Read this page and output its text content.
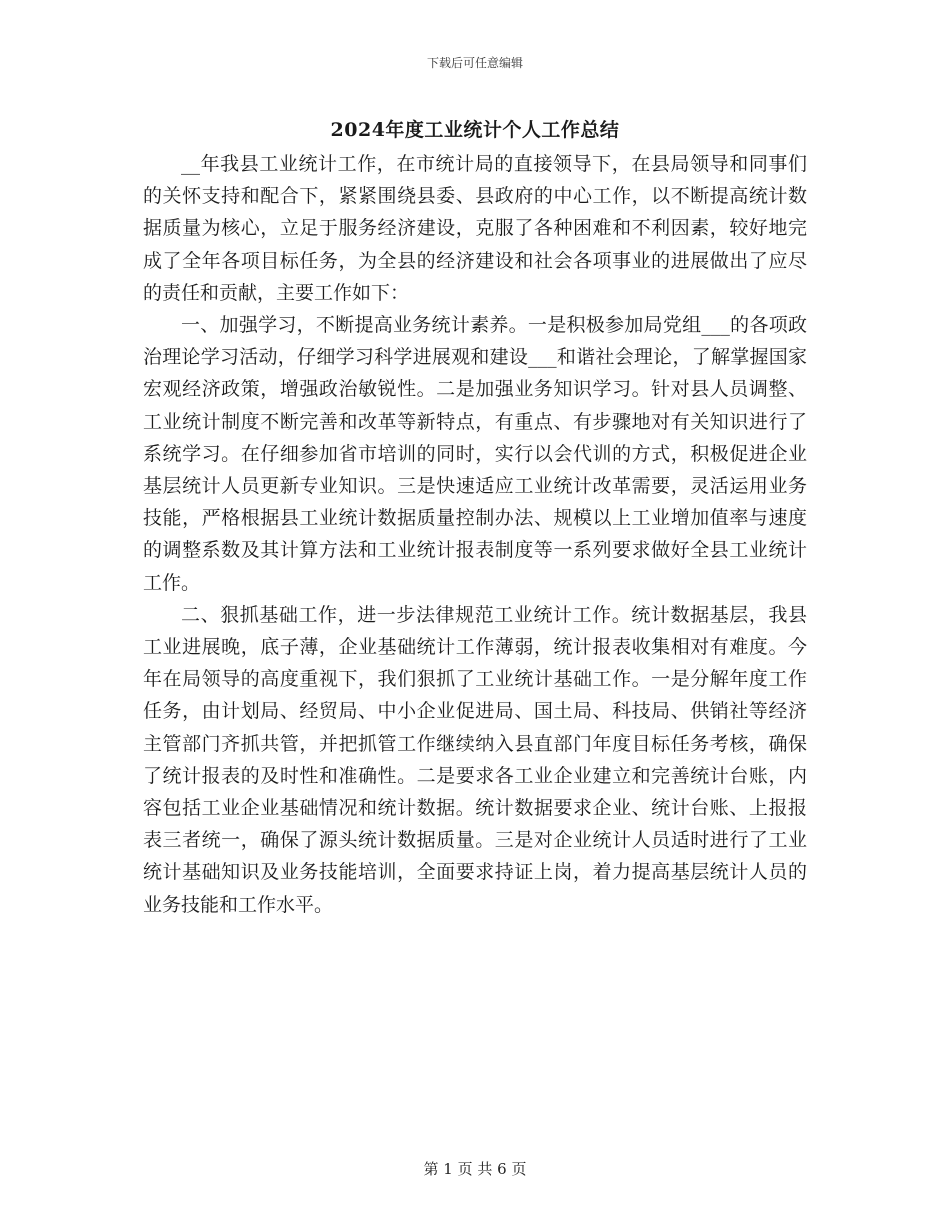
下载后可任意编辑
2024年度工业统计个人工作总结

__年我县工业统计工作，在市统计局的直接领导下，在县局领导和同事们的关怀支持和配合下，紧紧围绕县委、县政府的中心工作，以不断提高统计数据质量为核心，立足于服务经济建设，克服了各种困难和不利因素，较好地完成了全年各项目标任务，为全县的经济建设和社会各项事业的进展做出了应尽的责任和贡献，主要工作如下：

一、加强学习，不断提高业务统计素养。一是积极参加局党组___的各项政治理论学习活动，仔细学习科学进展观和建设___和谐社会理论，了解掌握国家宏观经济政策，增强政治敏锐性。二是加强业务知识学习。针对县人员调整、工业统计制度不断完善和改革等新特点，有重点、有步骤地对有关知识进行了系统学习。在仔细参加省市培训的同时，实行以会代训的方式，积极促进企业基层统计人员更新专业知识。三是快速适应工业统计改革需要，灵活运用业务技能，严格根据县工业统计数据质量控制办法、规模以上工业增加值率与速度的调整系数及其计算方法和工业统计报表制度等一系列要求做好全县工业统计工作。

二、狠抓基础工作，进一步法律规范工业统计工作。统计数据基层，我县工业进展晚，底子薄，企业基础统计工作薄弱，统计报表收集相对有难度。今年在局领导的高度重视下，我们狠抓了工业统计基础工作。一是分解年度工作任务，由计划局、经贸局、中小企业促进局、国土局、科技局、供销社等经济主管部门齐抓共管，并把抓管工作继续纳入县直部门年度目标任务考核，确保了统计报表的及时性和准确性。二是要求各工业企业建立和完善统计台账，内容包括工业企业基础情况和统计数据。统计数据要求企业、统计台账、上报报表三者统一，确保了源头统计数据质量。三是对企业统计人员适时进行了工业统计基础知识及业务技能培训，全面要求持证上岗，着力提高基层统计人员的业务技能和工作水平。

第 1 页 共 6 页
